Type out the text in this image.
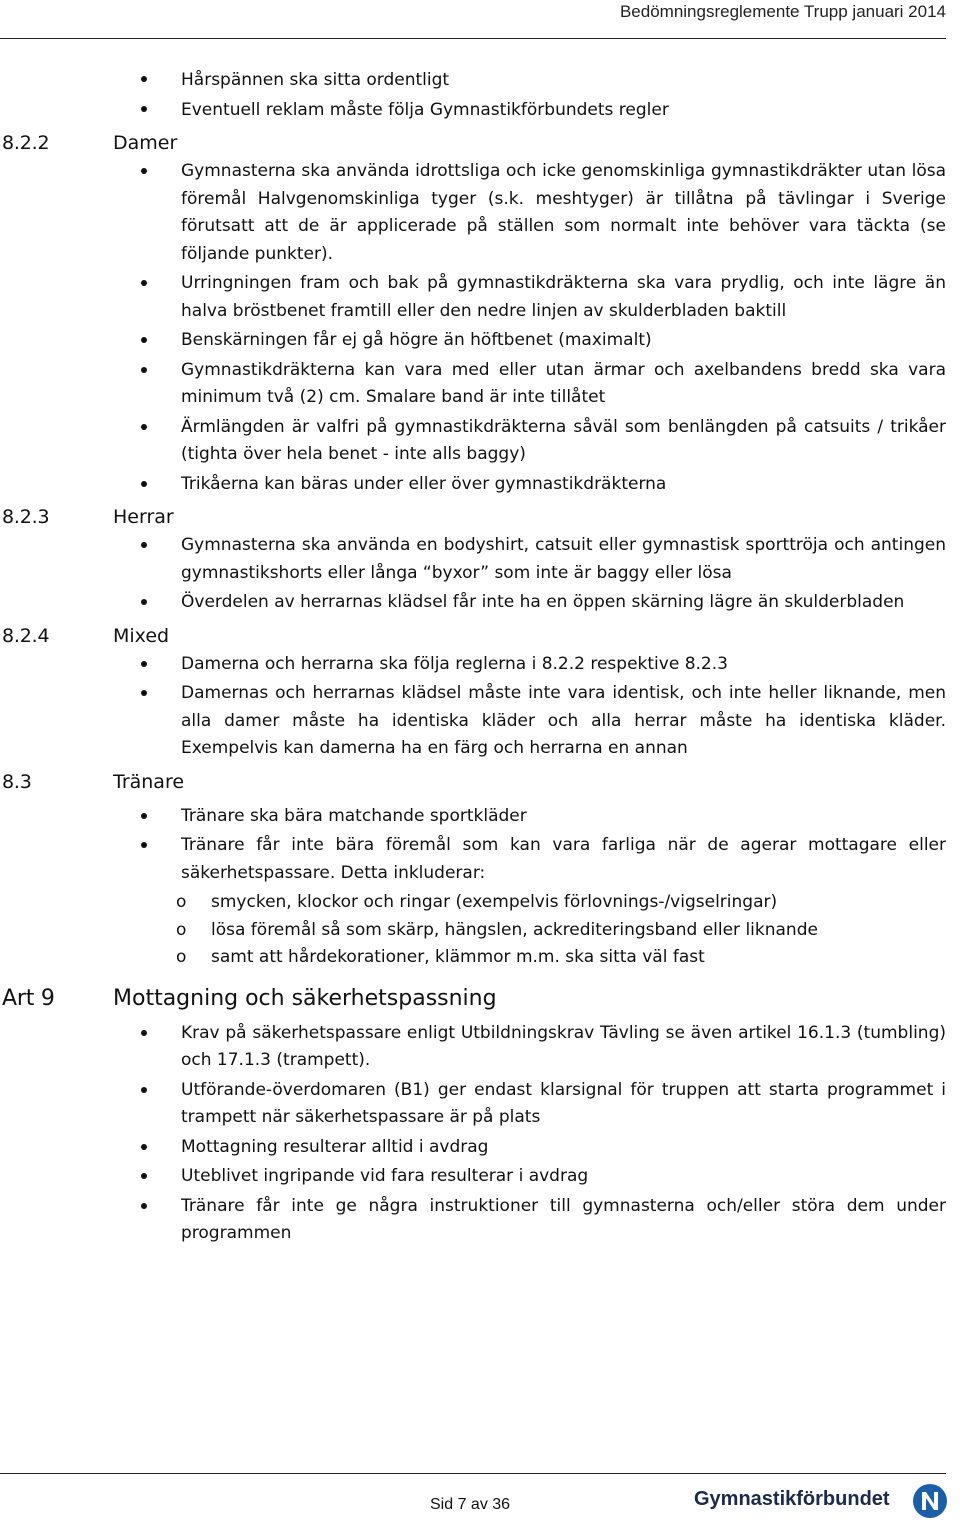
Bedömningsreglemente Trupp januari 2014
Hårspännen ska sitta ordentligt
Eventuell reklam måste följa Gymnastikförbundets regler
8.2.2	Damer
Gymnasterna ska använda idrottsliga och icke genomskinliga gymnastikdräkter utan lösa föremål Halvgenomskinliga tyger (s.k. meshtyger) är tillåtna på tävlingar i Sverige förutsatt att de är applicerade på ställen som normalt inte behöver vara täckta (se följande punkter).
Urringningen fram och bak på gymnastikdräkterna ska vara prydlig, och inte lägre än halva bröstbenet framtill eller den nedre linjen av skulderbladen baktill
Benskärningen får ej gå högre än höftbenet (maximalt)
Gymnastikdräkterna kan vara med eller utan ärmar och axelbandens bredd ska vara minimum två (2) cm. Smalare band är inte tillåtet
Ärmlängden är valfri på gymnastikdräkterna såväl som benlängden på catsuits / trikåer (tighta över hela benet - inte alls baggy)
Trikåerna kan bäras under eller över gymnastikdräkterna
8.2.3	Herrar
Gymnasterna ska använda en bodyshirt, catsuit eller gymnastisk sporttröja och antingen gymnastikshorts eller långa “byxor” som inte är baggy eller lösa
Överdelen av herrarnas klädsel får inte ha en öppen skärning lägre än skulderbladen
8.2.4	Mixed
Damerna och herrarna ska följa reglerna i 8.2.2 respektive 8.2.3
Damernas och herrarnas klädsel måste inte vara identisk, och inte heller liknande, men alla damer måste ha identiska kläder och alla herrar måste ha identiska kläder. Exempelvis kan damerna ha en färg och herrarna en annan
8.3	Tränare
Tränare ska bära matchande sportkläder
Tränare får inte bära föremål som kan vara farliga när de agerar mottagare eller säkerhetspassare. Detta inkluderar:
o smycken, klockor och ringar (exempelvis förlovnings-/vigselringar)
o lösa föremål så som skärp, hängslen, ackrediteringsband eller liknande
o samt att hårdekorationer, klämmor m.m. ska sitta väl fast
Art 9	Mottagning och säkerhetspassning
Krav på säkerhetspassare enligt Utbildningskrav Tävling se även artikel 16.1.3 (tumbling) och 17.1.3 (trampett).
Utförande-överdomaren (B1) ger endast klarsignal för truppen att starta programmet i trampett när säkerhetspassare är på plats
Mottagning resulterar alltid i avdrag
Uteblivet ingripande vid fara resulterar i avdrag
Tränare får inte ge några instruktioner till gymnasterna och/eller störa dem under programmen
Sid 7 av 36	Gymnastikförbundet
